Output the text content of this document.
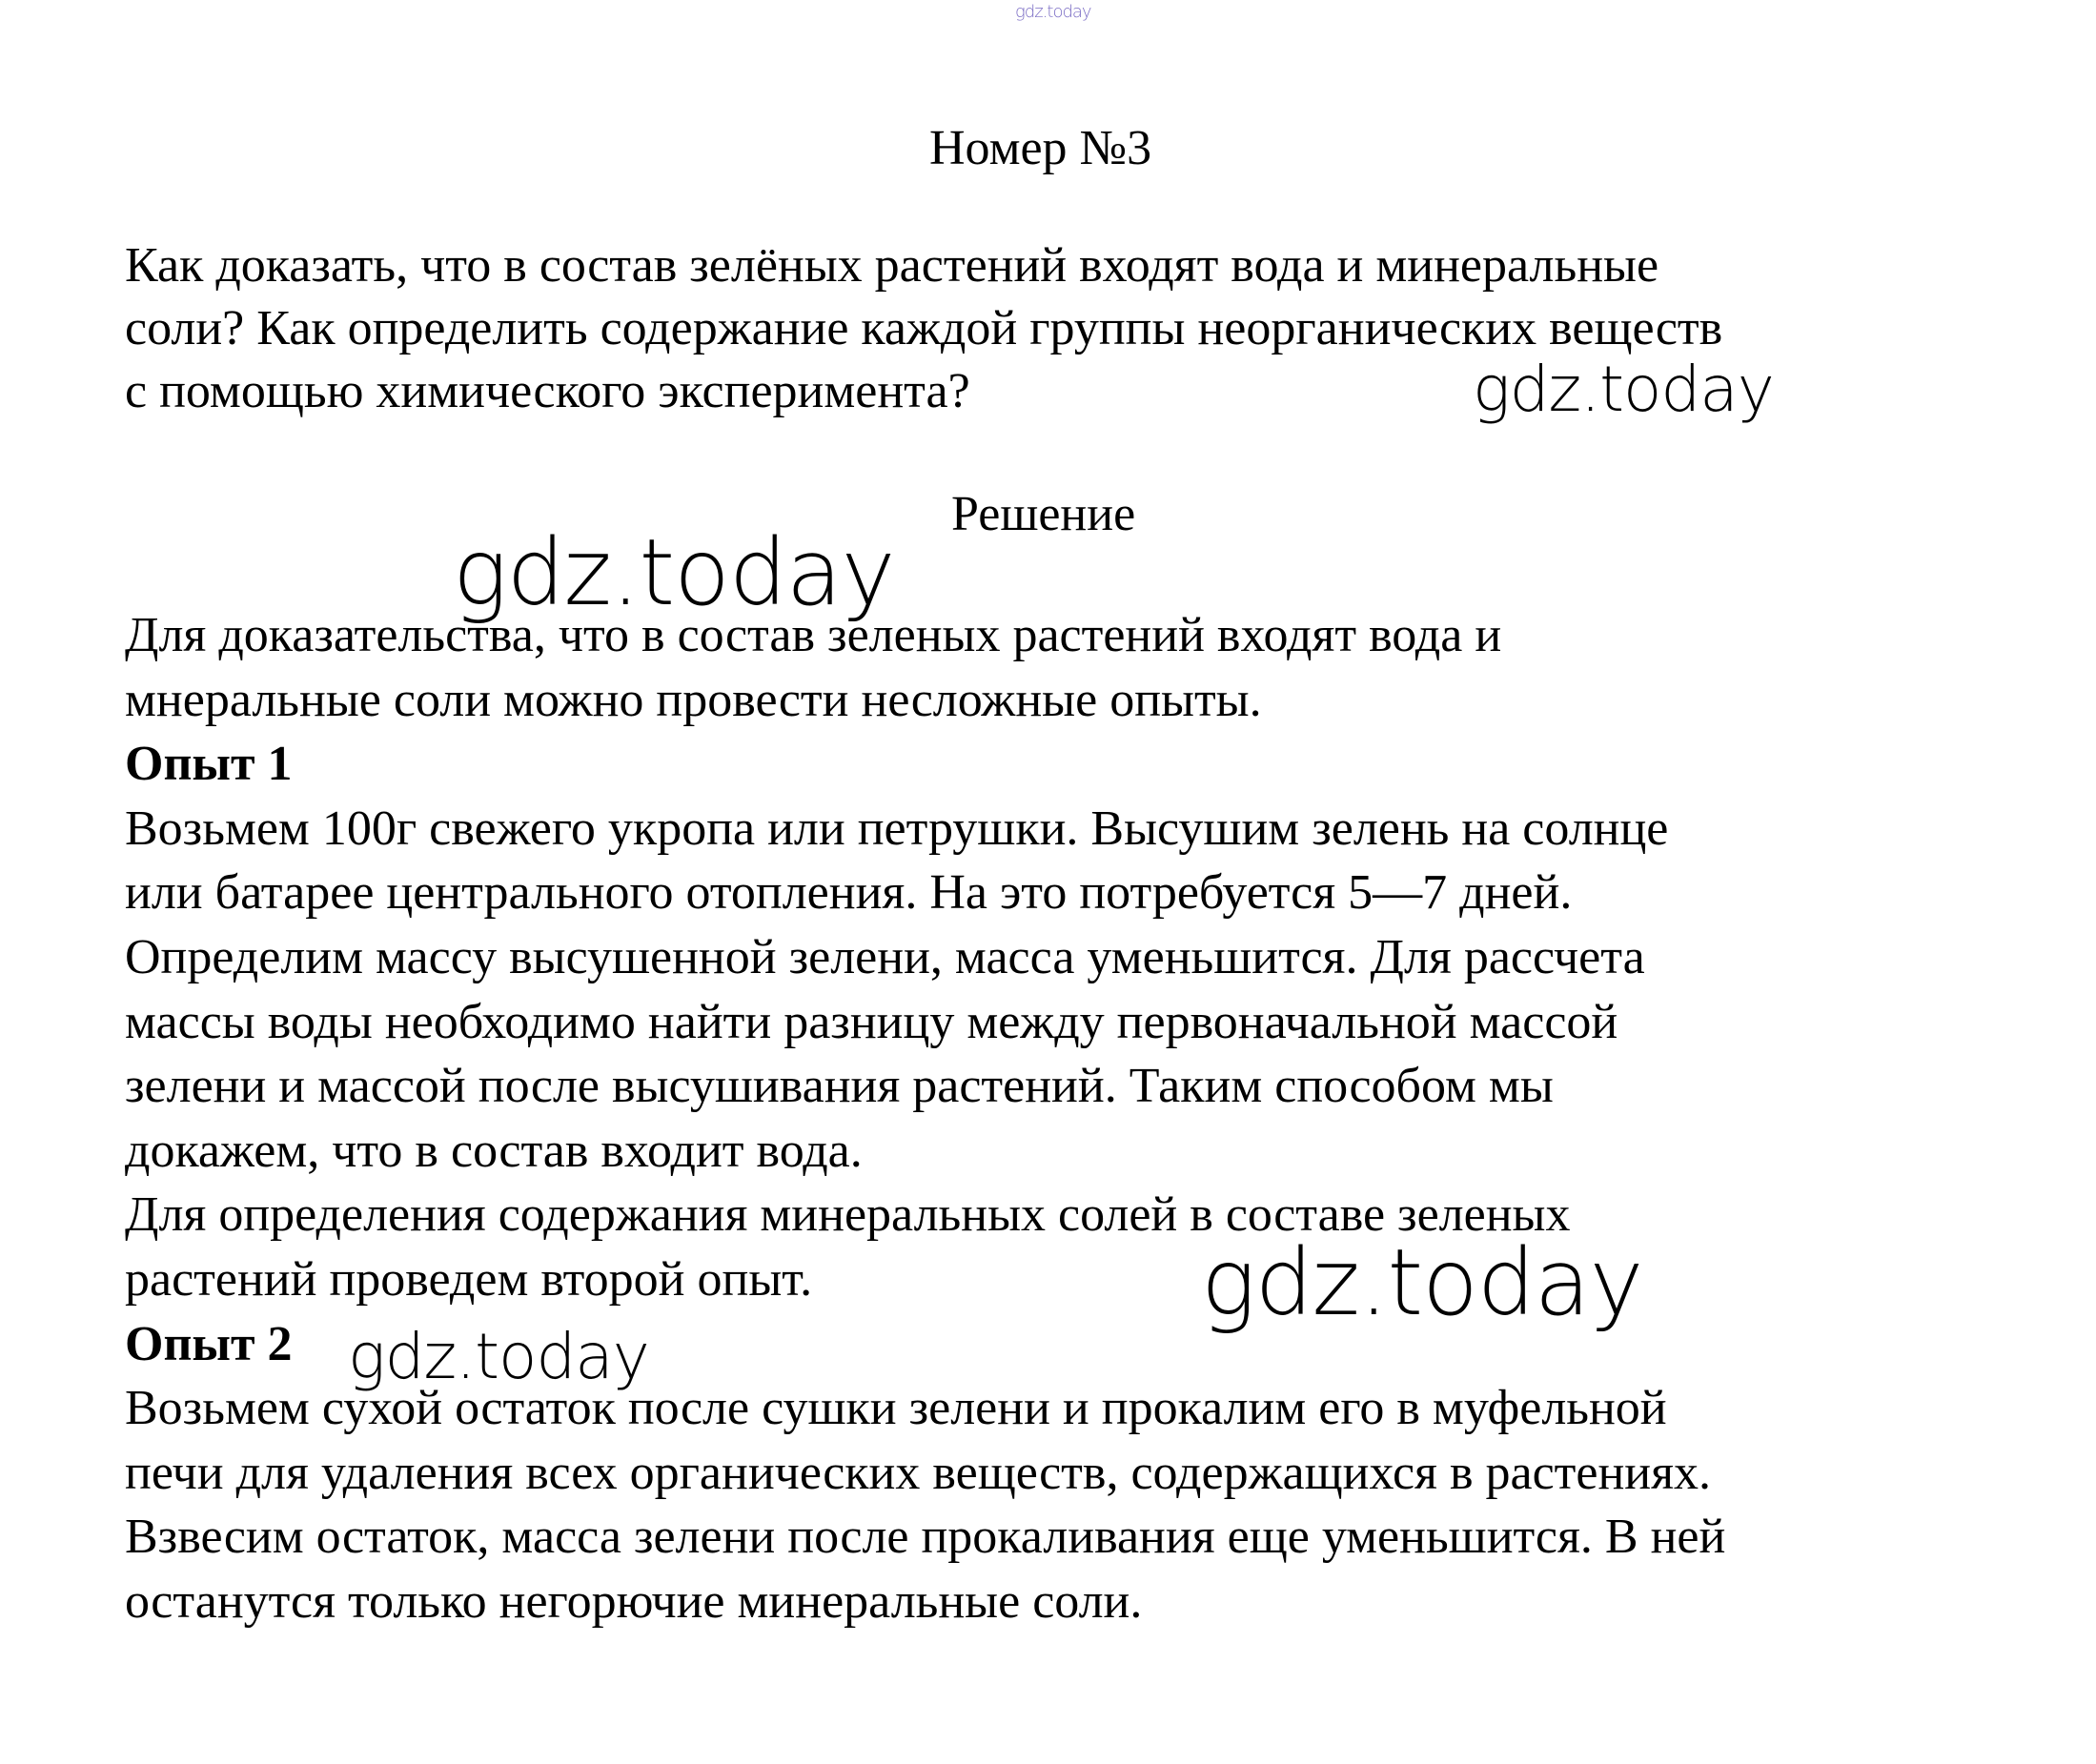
gdz.today
Номер №3
Как доказать, что в состав зелёных растений входят вода и минеральные
соли? Как определить содержание каждой группы неорганических веществ
с помощью химического эксперимента?
Решение
Для доказательства, что в состав зеленых растений входят вода и
мнеральные соли можно провести несложные опыты.
Опыт 1
Возьмем 100г свежего укропа или петрушки. Высушим зелень на солнце
или батарее центрального отопления. На это потребуется 5—7 дней.
Определим массу высушенной зелени, масса уменьшится. Для рассчета
массы воды необходимо найти разницу между первоначальной массой
зелени и массой после высушивания растений. Таким способом мы
докажем, что в состав входит вода.
Для определения содержания минеральных солей в составе зеленых
растений проведем второй опыт.
Опыт 2
Возьмем сухой остаток после сушки зелени и прокалим его в муфельной
печи для удаления всех органических веществ, содержащихся в растениях.
Взвесим остаток, масса зелени после прокаливания еще уменьшится. В ней
останутся только негорючие минеральные соли.
gdz.today
gdz.today
gdz.today
gdz.today
